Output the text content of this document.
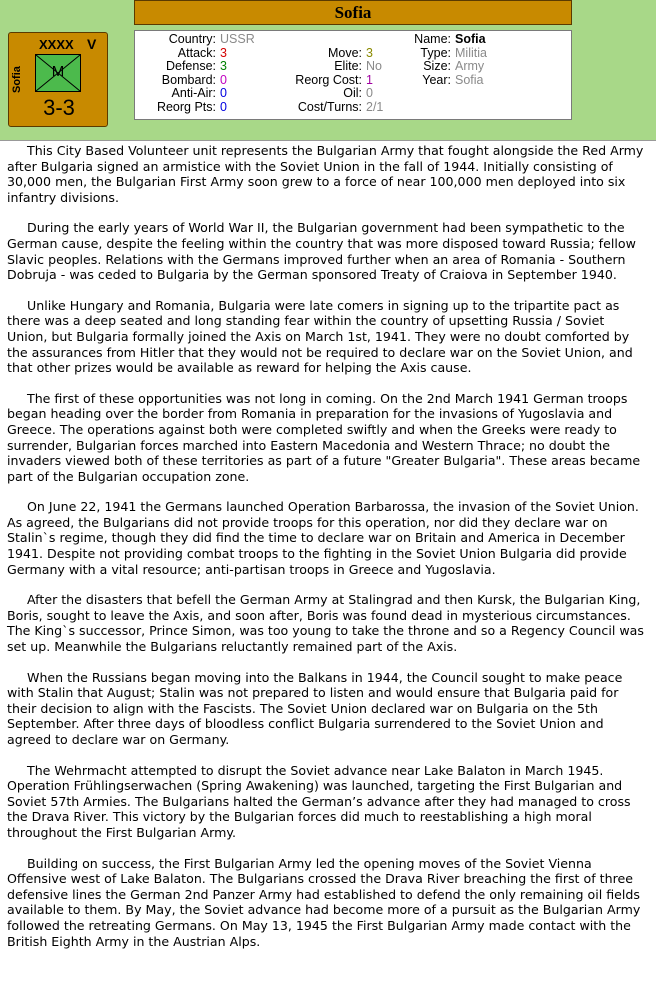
Sofia
XXXX V
Sofia	M
3-3
Country: USSR
Attack: 3
Defense: 3
Bombard: 0
Anti-Air: 0
Reorg Pts: 0
Move: 3
Elite: No
Reorg Cost: 1
Oil: 0
Cost/Turns: 2/1
Name: Sofia
Type: Militia
Size: Army
Year: Sofia

This City Based Volunteer unit represents the Bulgarian Army that fought alongside the Red Army after Bulgaria signed an armistice with the Soviet Union in the fall of 1944. Initially consisting of 30,000 men, the Bulgarian First Army soon grew to a force of near 100,000 men deployed into six infantry divisions.

During the early years of World War II, the Bulgarian government had been sympathetic to the German cause, despite the feeling within the country that was more disposed toward Russia; fellow Slavic peoples. Relations with the Germans improved further when an area of Romania - Southern Dobruja - was ceded to Bulgaria by the German sponsored Treaty of Craiova in September 1940.

Unlike Hungary and Romania, Bulgaria were late comers in signing up to the tripartite pact as there was a deep seated and long standing fear within the country of upsetting Russia / Soviet Union, but Bulgaria formally joined the Axis on March 1st, 1941. They were no doubt comforted by the assurances from Hitler that they would not be required to declare war on the Soviet Union, and that other prizes would be available as reward for helping the Axis cause.

The first of these opportunities was not long in coming. On the 2nd March 1941 German troops began heading over the border from Romania in preparation for the invasions of Yugoslavia and Greece. The operations against both were completed swiftly and when the Greeks were ready to surrender, Bulgarian forces marched into Eastern Macedonia and Western Thrace; no doubt the invaders viewed both of these territories as part of a future "Greater Bulgaria". These areas became part of the Bulgarian occupation zone.

On June 22, 1941 the Germans launched Operation Barbarossa, the invasion of the Soviet Union. As agreed, the Bulgarians did not provide troops for this operation, nor did they declare war on Stalin`s regime, though they did find the time to declare war on Britain and America in December 1941. Despite not providing combat troops to the fighting in the Soviet Union Bulgaria did provide Germany with a vital resource; anti-partisan troops in Greece and Yugoslavia.

After the disasters that befell the German Army at Stalingrad and then Kursk, the Bulgarian King, Boris, sought to leave the Axis, and soon after, Boris was found dead in mysterious circumstances. The King`s successor, Prince Simon, was too young to take the throne and so a Regency Council was set up. Meanwhile the Bulgarians reluctantly remained part of the Axis.

When the Russians began moving into the Balkans in 1944, the Council sought to make peace with Stalin that August; Stalin was not prepared to listen and would ensure that Bulgaria paid for their decision to align with the Fascists. The Soviet Union declared war on Bulgaria on the 5th September. After three days of bloodless conflict Bulgaria surrendered to the Soviet Union and agreed to declare war on Germany.

The Wehrmacht attempted to disrupt the Soviet advance near Lake Balaton in March 1945. Operation Frühlingserwachen (Spring Awakening) was launched, targeting the First Bulgarian and Soviet 57th Armies. The Bulgarians halted the German’s advance after they had managed to cross the Drava River. This victory by the Bulgarian forces did much to reestablishing a high moral throughout the First Bulgarian Army.

Building on success, the First Bulgarian Army led the opening moves of the Soviet Vienna Offensive west of Lake Balaton. The Bulgarians crossed the Drava River breaching the first of three defensive lines the German 2nd Panzer Army had established to defend the only remaining oil fields available to them. By May, the Soviet advance had become more of a pursuit as the Bulgarian Army followed the retreating Germans. On May 13, 1945 the First Bulgarian Army made contact with the British Eighth Army in the Austrian Alps.
